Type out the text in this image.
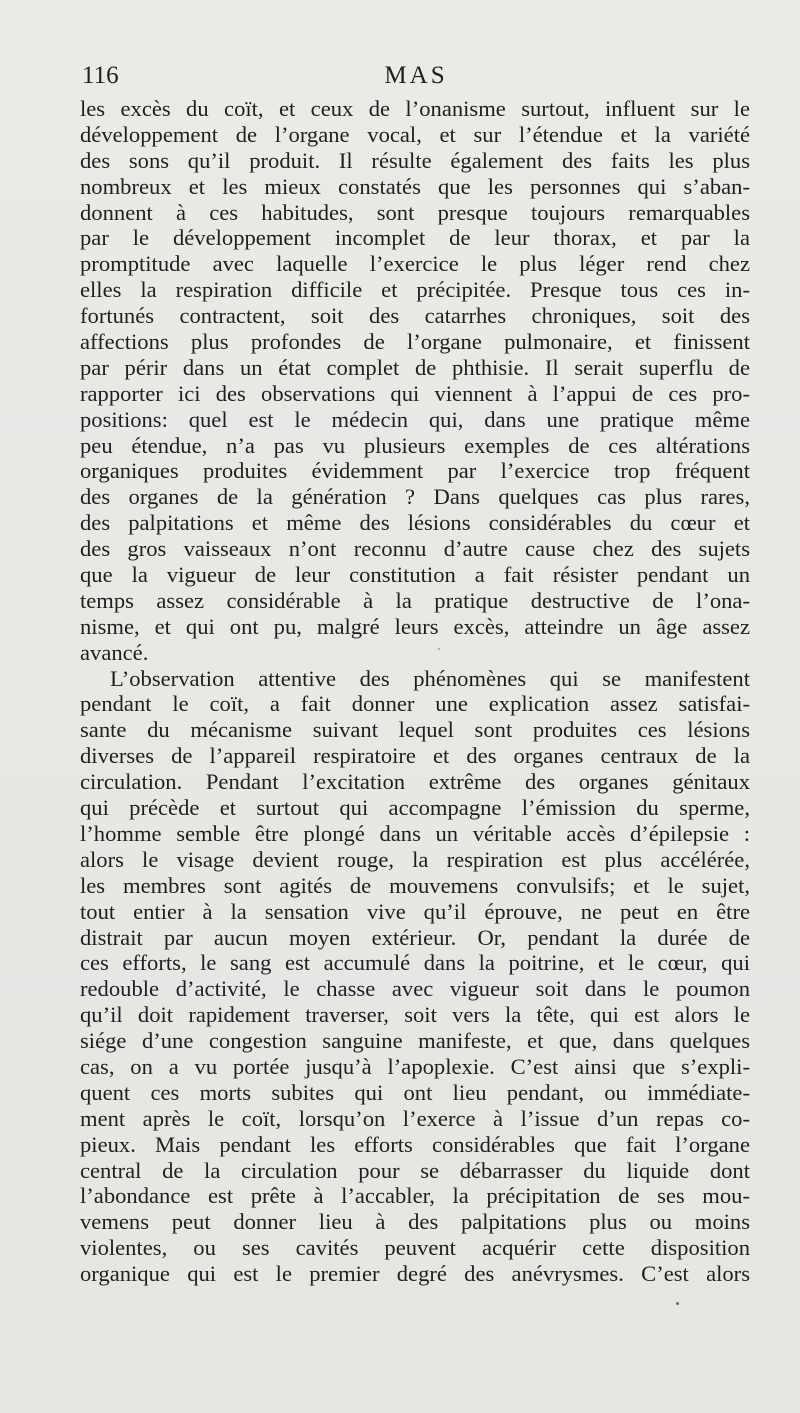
116	MAS
les excès du coït, et ceux de l’onanisme surtout, influent sur le
développement de l’organe vocal, et sur l’étendue et la variété
des sons qu’il produit. Il résulte également des faits les plus
nombreux et les mieux constatés que les personnes qui s’aban-
donnent à ces habitudes, sont presque toujours remarquables
par le développement incomplet de leur thorax, et par la
promptitude avec laquelle l’exercice le plus léger rend chez
elles la respiration difficile et précipitée. Presque tous ces in-
fortunés contractent, soit des catarrhes chroniques, soit des
affections plus profondes de l’organe pulmonaire, et finissent
par périr dans un état complet de phthisie. Il serait superflu de
rapporter ici des observations qui viennent à l’appui de ces pro-
positions: quel est le médecin qui, dans une pratique même
peu étendue, n’a pas vu plusieurs exemples de ces altérations
organiques produites évidemment par l’exercice trop fréquent
des organes de la génération ? Dans quelques cas plus rares,
des palpitations et même des lésions considérables du cœur et
des gros vaisseaux n’ont reconnu d’autre cause chez des sujets
que la vigueur de leur constitution a fait résister pendant un
temps assez considérable à la pratique destructive de l’ona-
nisme, et qui ont pu, malgré leurs excès, atteindre un âge assez
avancé.
L’observation attentive des phénomènes qui se manifestent
pendant le coït, a fait donner une explication assez satisfai-
sante du mécanisme suivant lequel sont produites ces lésions
diverses de l’appareil respiratoire et des organes centraux de la
circulation. Pendant l’excitation extrême des organes génitaux
qui précède et surtout qui accompagne l’émission du sperme,
l’homme semble être plongé dans un véritable accès d’épilepsie :
alors le visage devient rouge, la respiration est plus accélérée,
les membres sont agités de mouvemens convulsifs; et le sujet,
tout entier à la sensation vive qu’il éprouve, ne peut en être
distrait par aucun moyen extérieur. Or, pendant la durée de
ces efforts, le sang est accumulé dans la poitrine, et le cœur, qui
redouble d’activité, le chasse avec vigueur soit dans le poumon
qu’il doit rapidement traverser, soit vers la tête, qui est alors le
siége d’une congestion sanguine manifeste, et que, dans quelques
cas, on a vu portée jusqu’à l’apoplexie. C’est ainsi que s’expli-
quent ces morts subites qui ont lieu pendant, ou immédiate-
ment après le coït, lorsqu’on l’exerce à l’issue d’un repas co-
pieux. Mais pendant les efforts considérables que fait l’organe
central de la circulation pour se débarrasser du liquide dont
l’abondance est prête à l’accabler, la précipitation de ses mou-
vemens peut donner lieu à des palpitations plus ou moins
violentes, ou ses cavités peuvent acquérir cette disposition
organique qui est le premier degré des anévrysmes. C’est alors
